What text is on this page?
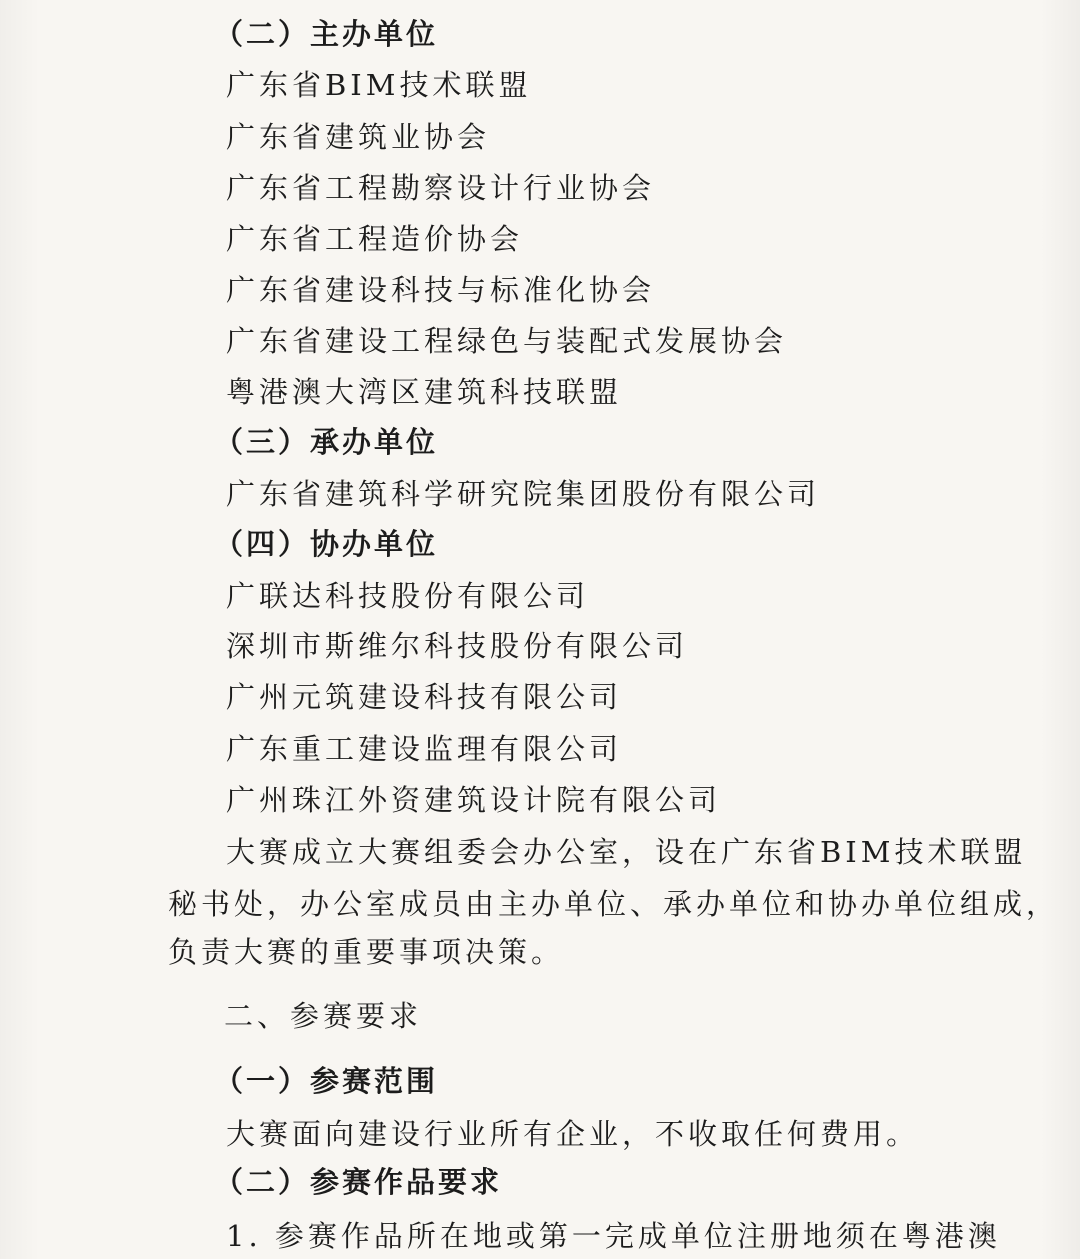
（二）主办单位
广东省BIM技术联盟
广东省建筑业协会
广东省工程勘察设计行业协会
广东省工程造价协会
广东省建设科技与标准化协会
广东省建设工程绿色与装配式发展协会
粤港澳大湾区建筑科技联盟
（三）承办单位
广东省建筑科学研究院集团股份有限公司
（四）协办单位
广联达科技股份有限公司
深圳市斯维尔科技股份有限公司
广州元筑建设科技有限公司
广东重工建设监理有限公司
广州珠江外资建筑设计院有限公司
大赛成立大赛组委会办公室，设在广东省BIM技术联盟
秘书处，办公室成员由主办单位、承办单位和协办单位组成，
负责大赛的重要事项决策。
二、参赛要求
（一）参赛范围
大赛面向建设行业所有企业，不收取任何费用。
（二）参赛作品要求
1. 参赛作品所在地或第一完成单位注册地须在粤港澳
